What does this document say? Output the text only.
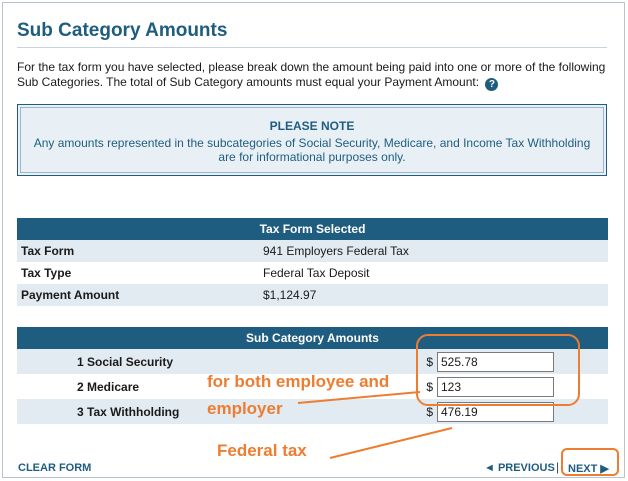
Sub Category Amounts

For the tax form you have selected, please break down the amount being paid into one or more of the following Sub Categories. The total of Sub Category amounts must equal your Payment Amount: ?

PLEASE NOTE
Any amounts represented in the subcategories of Social Security, Medicare, and Income Tax Withholding are for informational purposes only.
Tax Form Selected	
Tax Form	941 Employers Federal Tax
Tax Type	Federal Tax Deposit
Payment Amount	$1,124.97
Sub Category Amounts		
1 Social Security	$	525.78
2 Medicare	$	123
3 Tax Withholding	$	476.19
CLEAR FORM	◄ PREVIOUS | NEXT ▶
for both employee and
employer
Federal tax
